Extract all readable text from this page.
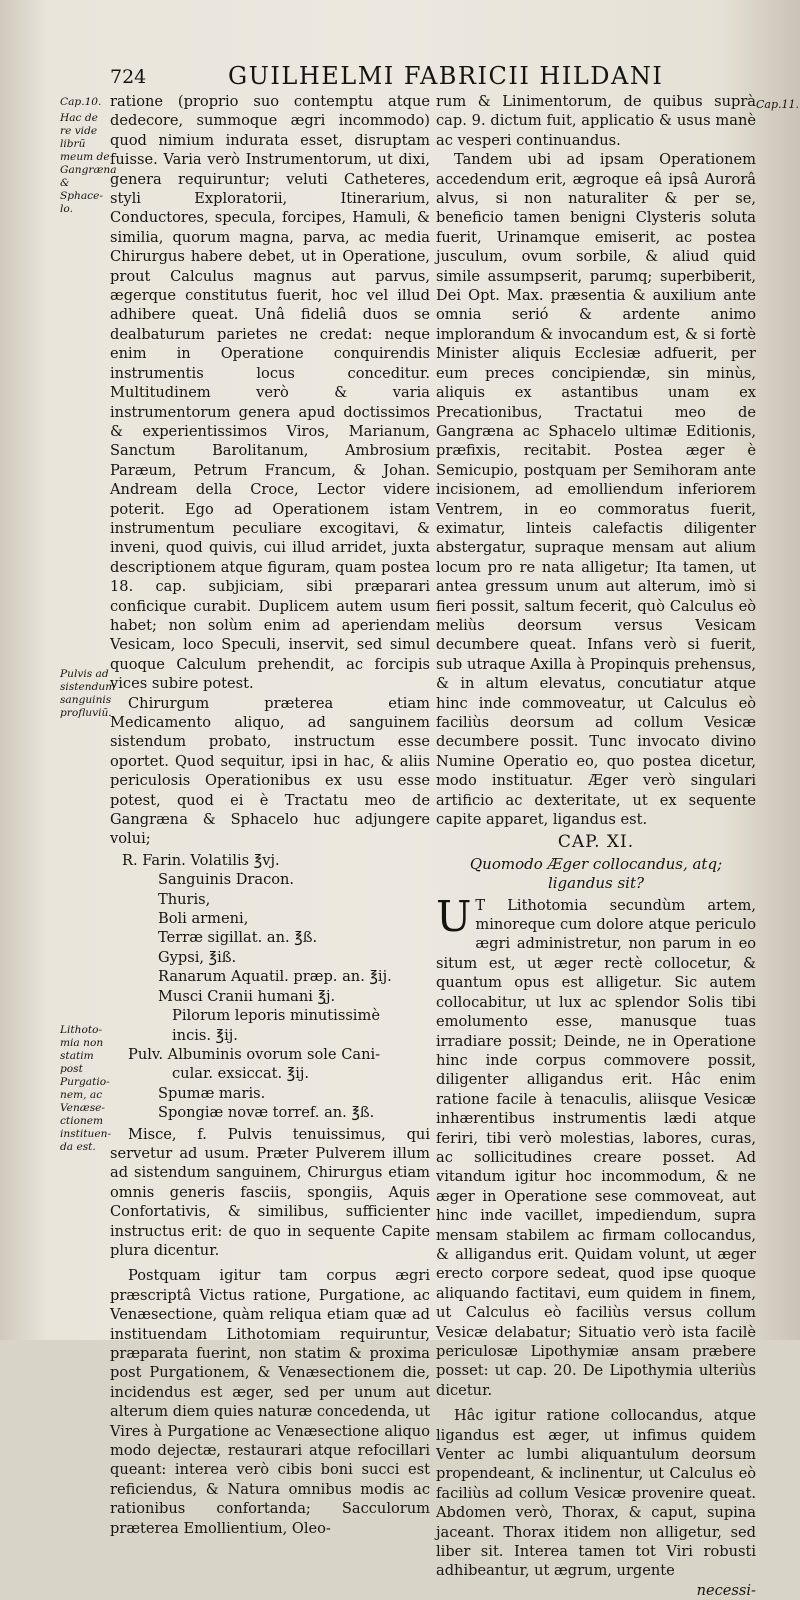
724	GUILHELMI FABRICII HILDANI
Cap.10.
Hac de re vide librũ meum de Gangræna & Sphace-lo.
Pulvis ad sistendum sanguinis profluviũ.
Lithoto-mia non statim post Purgatio-nem, ac Venæse-ctionem instituen-da est.
Cap.11.

ratione (proprio suo contemptu atque dedecore, summoque ægri incommodo) quod nimium indurata esset, disruptam fuisse. Varia verò Instrumentorum, ut dixi, genera requiruntur; veluti Catheteres, styli Exploratorii, Itinerarium, Conductores, specula, forcipes, Hamuli, & similia, quorum magna, parva, ac media Chirurgus habere debet, ut in Operatione, prout Calculus magnus aut parvus, ægerque constitutus fuerit, hoc vel illud adhibere queat. Unâ fideliâ duos se dealbaturum parietes ne credat: neque enim in Operatione conquirendis instrumentis locus conceditur. Multitudinem verò & varia instrumentorum genera apud doctissimos & experientissimos Viros, Marianum, Sanctum Barolitanum, Ambrosium Paræum, Petrum Francum, & Johan. Andream della Croce, Lector videre poterit. Ego ad Operationem istam instrumentum peculiare excogitavi, & inveni, quod quivis, cui illud arridet, juxta descriptionem atque figuram, quam postea 18. cap. subjiciam, sibi præparari conficique curabit. Duplicem autem usum habet; non solùm enim ad aperiendam Vesicam, loco Speculi, inservit, sed simul quoque Calculum prehendit, ac forcipis vices subire potest.

Chirurgum præterea etiam Medicamento aliquo, ad sanguinem sistendum probato, instructum esse oportet. Quod sequitur, ipsi in hac, & aliis periculosis Operationibus ex usu esse potest, quod ei è Tractatu meo de Gangræna & Sphacelo huc adjungere volui;

R. Farin. Volatilis ℥vj.
Sanguinis Dracon.
Thuris,
Boli armeni,
Terræ sigillat. an. ℥ß.
Gypsi, ℥iß.
Ranarum Aquatil. præp. an. ℥ij.
Musci Cranii humani ℥j.
Pilorum leporis minutissimè
incis. ℥ij.
Pulv. Albuminis ovorum sole Cani-
cular. exsiccat. ℥ij.
Spumæ maris.
Spongiæ novæ torref. an. ℥ß.

Misce, f. Pulvis tenuissimus, qui servetur ad usum. Præter Pulverem illum ad sistendum sanguinem, Chirurgus etiam omnis generis fasciis, spongiis, Aquis Confortativis, & similibus, sufficienter instructus erit: de quo in sequente Capite plura dicentur.

Postquam igitur tam corpus ægri præscriptâ Victus ratione, Purgatione, ac Venæsectione, quàm reliqua etiam quæ ad instituendam Lithotomiam requiruntur, præparata fuerint, non statim & proxima post Purgationem, & Venæsectionem die, incidendus est æger, sed per unum aut alterum diem quies naturæ concedenda, ut Vires à Purgatione ac Venæsectione aliquo modo dejectæ, restaurari atque refocillari queant: interea verò cibis boni succi est reficiendus, & Natura omnibus modis ac rationibus confortanda; Sacculorum præterea Emollientium, Oleo-

rum & Linimentorum, de quibus suprà cap. 9. dictum fuit, applicatio & usus manè ac vesperi continuandus.

Tandem ubi ad ipsam Operationem accedendum erit, ægroque eâ ipsâ Aurorâ alvus, si non naturaliter & per se, beneficio tamen benigni Clysteris soluta fuerit, Urinamque emiserit, ac postea jusculum, ovum sorbile, & aliud quid simile assumpserit, parumq; superbiberit, Dei Opt. Max. præsentia & auxilium ante omnia serió & ardente animo implorandum & invocandum est, & si fortè Minister aliquis Ecclesiæ adfuerit, per eum preces concipiendæ, sin minùs, aliquis ex astantibus unam ex Precationibus, Tractatui meo de Gangræna ac Sphacelo ultimæ Editionis, præfixis, recitabit. Postea æger è Semicupio, postquam per Semihoram ante incisionem, ad emolliendum inferiorem Ventrem, in eo commoratus fuerit, eximatur, linteis calefactis diligenter abstergatur, supraque mensam aut alium locum pro re nata alligetur; Ita tamen, ut antea gressum unum aut alterum, imò si fieri possit, saltum fecerit, quò Calculus eò meliùs deorsum versus Vesicam decumbere queat. Infans verò si fuerit, sub utraque Axilla à Propinquis prehensus, & in altum elevatus, concutiatur atque hinc inde commoveatur, ut Calculus eò faciliùs deorsum ad collum Vesicæ decumbere possit. Tunc invocato divino Numine Operatio eo, quo postea dicetur, modo instituatur. Æger verò singulari artificio ac dexteritate, ut ex sequente capite apparet, ligandus est.

CAP. XI.
Quomodo Æger collocandus, atq; ligandus sit?

U T Lithotomia secundùm artem, minoreque cum dolore atque periculo ægri administretur, non parum in eo situm est, ut æger rectè collocetur, & quantum opus est alligetur. Sic autem collocabitur, ut lux ac splendor Solis tibi emolumento esse, manusque tuas irradiare possit; Deinde, ne in Operatione hinc inde corpus commovere possit, diligenter alligandus erit. Hâc enim ratione facile à tenaculis, aliisque Vesicæ inhærentibus instrumentis lædi atque feriri, tibi verò molestias, labores, curas, ac sollicitudines creare posset. Ad vitandum igitur hoc incommodum, & ne æger in Operatione sese commoveat, aut hinc inde vacillet, impediendum, supra mensam stabilem ac firmam collocandus, & alligandus erit. Quidam volunt, ut æger erecto corpore sedeat, quod ipse quoque aliquando factitavi, eum quidem in finem, ut Calculus eò faciliùs versus collum Vesicæ delabatur; Situatio verò ista facilè periculosæ Lipothymiæ ansam præbere posset: ut cap. 20. De Lipothymia ulteriùs dicetur.

Hâc igitur ratione collocandus, atque ligandus est æger, ut infimus quidem Venter ac lumbi aliquantulum deorsum propendeant, & inclinentur, ut Calculus eò faciliùs ad collum Vesicæ provenire queat. Abdomen verò, Thorax, & caput, supina jaceant. Thorax itidem non alligetur, sed liber sit. Interea tamen tot Viri robusti adhibeantur, ut ægrum, urgente

necessi-
